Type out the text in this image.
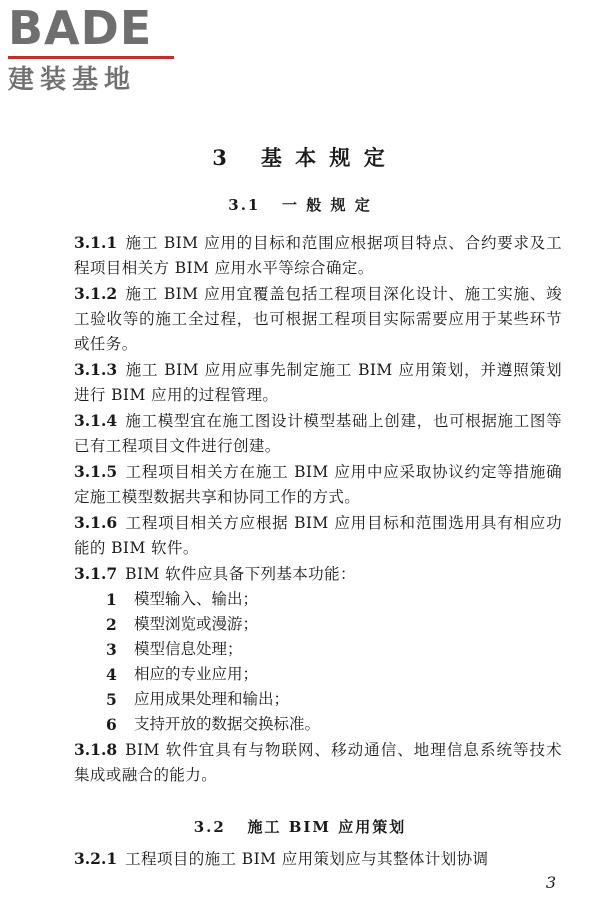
BADE
建装基地
3 基 本 规 定
3.1 一 般 规 定

3.1.1 施工 BIM 应用的目标和范围应根据项目特点、合约要求及工程项目相关方 BIM 应用水平等综合确定。

3.1.2 施工 BIM 应用宜覆盖包括工程项目深化设计、施工实施、竣工验收等的施工全过程，也可根据工程项目实际需要应用于某些环节或任务。

3.1.3 施工 BIM 应用应事先制定施工 BIM 应用策划，并遵照策划进行 BIM 应用的过程管理。

3.1.4 施工模型宜在施工图设计模型基础上创建，也可根据施工图等已有工程项目文件进行创建。

3.1.5 工程项目相关方在施工 BIM 应用中应采取协议约定等措施确定施工模型数据共享和协同工作的方式。

3.1.6 工程项目相关方应根据 BIM 应用目标和范围选用具有相应功能的 BIM 软件。

3.1.7 BIM 软件应具备下列基本功能：

1	模型输入、输出；
2	模型浏览或漫游；
3	模型信息处理；
4	相应的专业应用；
5	应用成果处理和输出；
6	支持开放的数据交换标准。

3.1.8 BIM 软件宜具有与物联网、移动通信、地理信息系统等技术集成或融合的能力。

3.2 施工 BIM 应用策划

3.2.1 工程项目的施工 BIM 应用策划应与其整体计划协调

3
